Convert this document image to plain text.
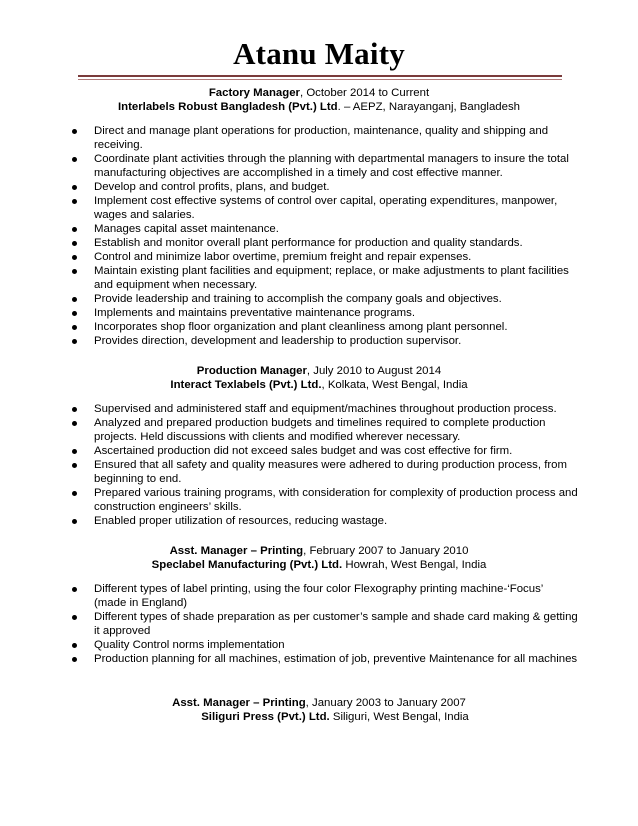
Atanu Maity
Factory Manager, October 2014 to Current
Interlabels Robust Bangladesh (Pvt.) Ltd. – AEPZ, Narayanganj, Bangladesh
Direct and manage plant operations for production, maintenance, quality and shipping and receiving.
Coordinate plant activities through the planning with departmental managers to insure the total manufacturing objectives are accomplished in a timely and cost effective manner.
Develop and control profits, plans, and budget.
Implement cost effective systems of control over capital, operating expenditures, manpower, wages and salaries.
Manages capital asset maintenance.
Establish and monitor overall plant performance for production and quality standards.
Control and minimize labor overtime, premium freight and repair expenses.
Maintain existing plant facilities and equipment; replace, or make adjustments to plant facilities and equipment when necessary.
Provide leadership and training to accomplish the company goals and objectives.
Implements and maintains preventative maintenance programs.
Incorporates shop floor organization and plant cleanliness among plant personnel.
Provides direction, development and leadership to production supervisor.
Production Manager, July 2010 to August 2014
Interact Texlabels (Pvt.) Ltd., Kolkata, West Bengal, India
Supervised and administered staff and equipment/machines throughout production process.
Analyzed and prepared production budgets and timelines required to complete production projects. Held discussions with clients and modified wherever necessary.
Ascertained production did not exceed sales budget and was cost effective for firm.
Ensured that all safety and quality measures were adhered to during production process, from beginning to end.
Prepared various training programs, with consideration for complexity of production process and construction engineers’ skills.
Enabled proper utilization of resources, reducing wastage.
Asst. Manager – Printing, February 2007 to January 2010
Speclabel Manufacturing (Pvt.) Ltd. Howrah, West Bengal, India
Different types of label printing, using the four color Flexography printing machine-‘Focus’ (made in England)
Different types of shade preparation as per customer’s sample and shade card making & getting it approved
Quality Control norms implementation
Production planning for all machines, estimation of job, preventive Maintenance for all machines
Asst. Manager – Printing, January 2003 to January 2007
Siliguri Press (Pvt.) Ltd. Siliguri, West Bengal, India
